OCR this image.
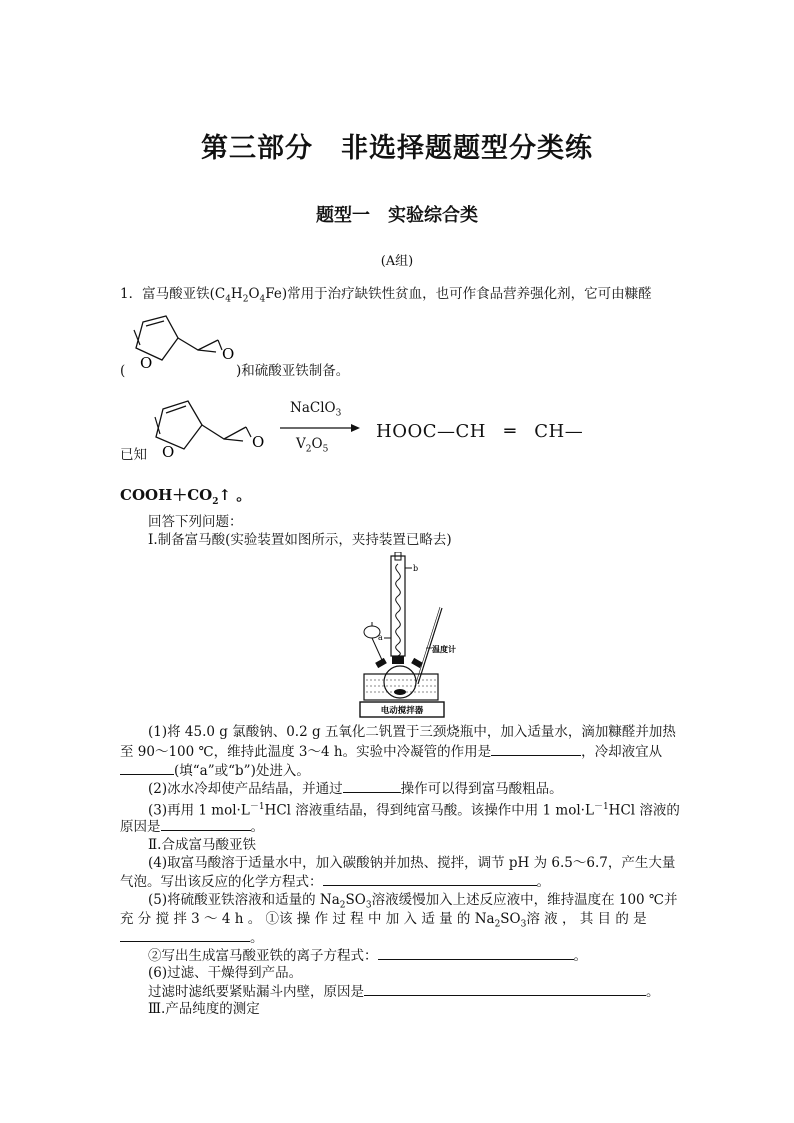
第三部分　非选择题题型分类练
题型一　实验综合类
(A组)
1．富马酸亚铁$(C_4H_2O_4Fe)$常用于治疗缺铁性贫血，也可作食品营养强化剂，它可由糠醛
O	O
(	)和硫酸亚铁制备。
已知 O
O
NaClO$_3$
$V_2O_5$
HOOC—CH　═　CH—
$COOH+CO_2↑$ 。
回答下列问题：
Ⅰ.制备富马酸(实验装置如图所示，夹持装置已略去)
b
a
温度计
电动搅拌器
(1)将 45.0 g 氯酸钠、0.2 g 五氧化二钒置于三颈烧瓶中，加入适量水，滴加糠醛并加热
至 90～100 ℃，维持此温度 3～4 h。实验中冷凝管的作用是	，冷却液宜从
(填“a”或“b”)处进入。
(2)冰水冷却使产品结晶，并通过	操作可以得到富马酸粗品。
(3)再用 1 $mol\cdot L^{-1}HCl$ 溶液重结晶，得到纯富马酸。该操作中用 1 $mol\cdot L^{-1}HCl$ 溶液的
原因是	。
Ⅱ.合成富马酸亚铁
(4)取富马酸溶于适量水中，加入碳酸钠并加热、搅拌，调节 pH 为 6.5～6.7，产生大量
气泡。写出该反应的化学方程式：	。
(5)将硫酸亚铁溶液和适量的 $Na_2SO_3$溶液缓慢加入上述反应液中，维持温度在 100 ℃并
充 分 搅 拌 3 ～ 4 h 。 ①该 操 作 过 程 中 加 入 适 量 的 $Na_2SO_3$溶 液 ， 其 目 的 是
。
②写出生成富马酸亚铁的离子方程式：	。
(6)过滤、干燥得到产品。
过滤时滤纸要紧贴漏斗内壁，原因是	。
Ⅲ.产品纯度的测定
